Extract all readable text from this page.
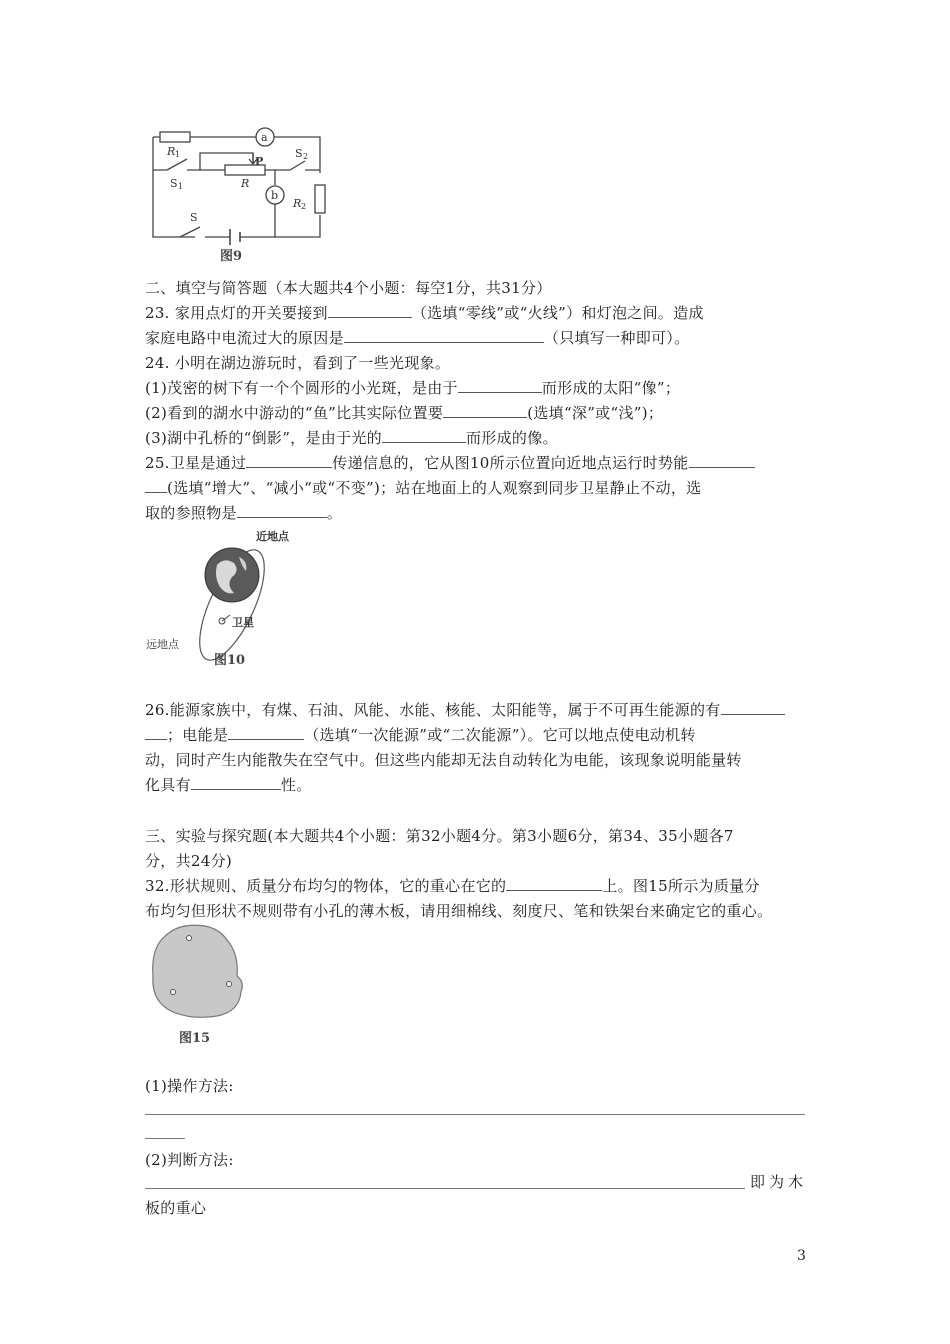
a
b
R 1
S 1
P
R
S 2
R 2
S
图9
二、填空与简答题（本大题共4个小题：每空1分，共31分）
23. 家用点灯的开关要接到	（选填“零线”或“火线”）和灯泡之间。造成
家庭电路中电流过大的原因是	（只填写一种即可）。
24. 小明在湖边游玩时，看到了一些光现象。
(1)茂密的树下有一个个圆形的小光斑，是由于	而形成的太阳“像”；
(2)看到的湖水中游动的“鱼”比其实际位置要	(选填“深”或“浅”)；
(3)湖中孔桥的“倒影”，是由于光的	而形成的像。
25.卫星是通过	传递信息的，它从图10所示位置向近地点运行时势能
(选填“增大”、“减小“或“不变”)；站在地面上的人观察到同步卫星静止不动，选
取的参照物是	。
近地点
卫星
远地点
图10
26.能源家族中，有煤、石油、风能、水能、核能、太阳能等，属于不可再生能源的有
；电能是	（选填“一次能源”或“二次能源”）。它可以地点使电动机转
动，同时产生内能散失在空气中。但这些内能却无法自动转化为电能，该现象说明能量转
化具有	性。
三、实验与探究题(本大题共4个小题：第32小题4分。第3小题6分，第34、35小题各7
分，共24分)
32.形状规则、质量分布均匀的物体，它的重心在它的	上。图15所示为质量分
布均匀但形状不规则带有小孔的薄木板，请用细棉线、刻度尺、笔和铁架台来确定它的重心。
图15
(1)操作方法:
(2)判断方法:
即为木
板的重心
3
